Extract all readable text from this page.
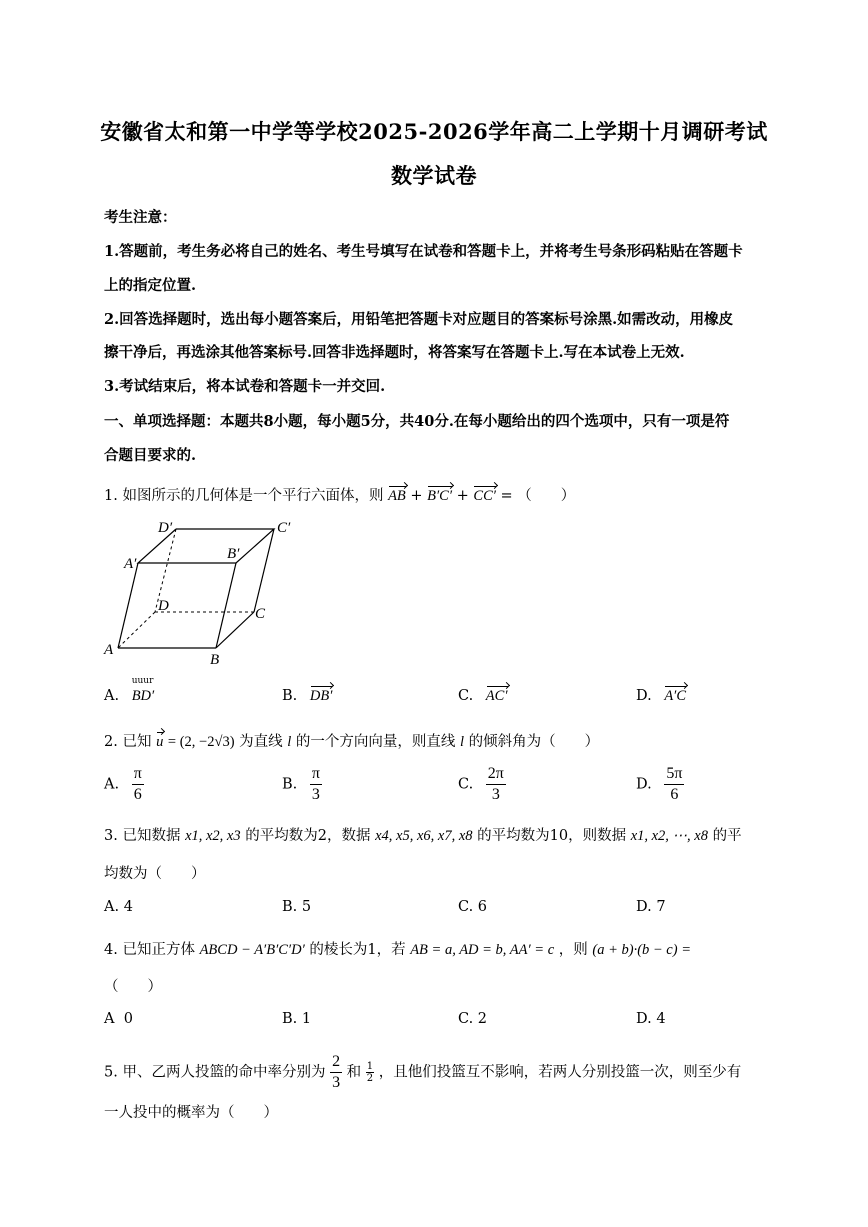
安徽省太和第一中学等学校2025-2026学年高二上学期十月调研考试
数学试卷
考生注意：
1.答题前，考生务必将自己的姓名、考生号填写在试卷和答题卡上，并将考生号条形码粘贴在答题卡
上的指定位置.
2.回答选择题时，选出每小题答案后，用铅笔把答题卡对应题目的答案标号涂黑.如需改动，用橡皮
擦干净后，再选涂其他答案标号.回答非选择题时，将答案写在答题卡上.写在本试卷上无效.
3.考试结束后，将本试卷和答题卡一并交回.
一、单项选择题：本题共8小题，每小题5分，共40分.在每小题给出的四个选项中，只有一项是符
合题目要求的.
1. 如图所示的几何体是一个平行六面体，则 AB + B′C′ + CC′ = （　　）
D′	C′
A′
B′
D	C
A
B
A.
uuur
BD′	B. DB′	C. AC′	D. A′C
2. 已知 u = (2, −2√3) 为直线 l 的一个方向向量，则直线 l 的倾斜角为（　　）
A. $\frac{\pi}{6}$	B. $\frac{\pi}{3}$	C. $\frac{2\pi}{3}$	D. $\frac{5\pi}{6}$
3. 已知数据 x1, x2, x3 的平均数为2，数据 x4, x5, x6, x7, x8 的平均数为10，则数据 x1, x2, ⋯, x8 的平
均数为（　　）
A. 4	B. 5	C. 6	D. 7
4. 已知正方体 ABCD − A′B′C′D′ 的棱长为1，若 AB = a, AD = b, AA′ = c ，则 (a + b)·(b − c) =
（　　）
A 0	B. 1	C. 2	D. 4
5. 甲、乙两人投篮的命中率分别为 $\frac{2}{3}$ 和 $\frac{1}{2}$ ，且他们投篮互不影响，若两人分别投篮一次，则至少有
一人投中的概率为（　　）
